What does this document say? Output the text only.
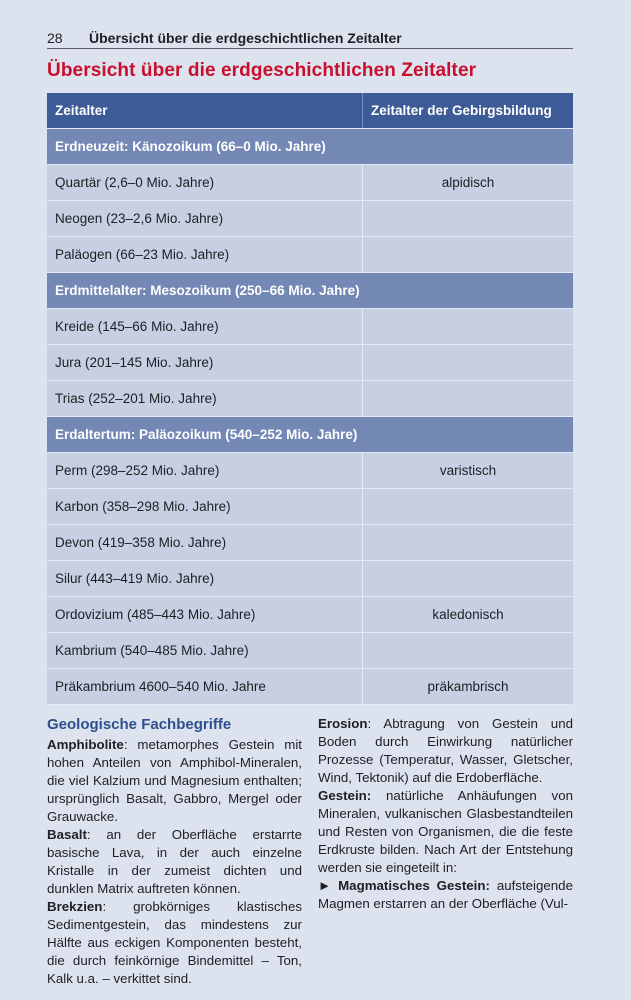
28 Übersicht über die erdgeschichtlichen Zeitalter
Übersicht über die erdgeschichtlichen Zeitalter
Zeitalter	Zeitalter der Gebirgsbildung
Erdneuzeit: Känozoikum (66–0 Mio. Jahre)
Quartär (2,6–0 Mio. Jahre)	alpidisch
Neogen (23–2,6 Mio. Jahre)
Paläogen (66–23 Mio. Jahre)
Erdmittelalter: Mesozoikum (250–66 Mio. Jahre)
Kreide (145–66 Mio. Jahre)
Jura (201–145 Mio. Jahre)
Trias (252–201 Mio. Jahre)
Erdaltertum: Paläozoikum (540–252 Mio. Jahre)
Perm (298–252 Mio. Jahre)	varistisch
Karbon (358–298 Mio. Jahre)
Devon (419–358 Mio. Jahre)
Silur (443–419 Mio. Jahre)
Ordovizium (485–443 Mio. Jahre)	kaledonisch
Kambrium (540–485 Mio. Jahre)
Präkambrium 4600–540 Mio. Jahre	präkambrisch
Geologische Fachbegriffe

Amphibolite: metamorphes Gestein mit hohen Anteilen von Amphibol-Mineralen, die viel Kalzium und Magnesium enthalten; ursprünglich Basalt, Gabbro, Mergel oder Grauwacke.

Basalt: an der Oberfläche erstarrte basische Lava, in der auch einzelne Kristalle in der zumeist dichten und dunklen Matrix auftreten können.

Brekzien: grobkörniges klastisches Sedimentgestein, das mindestens zur Hälfte aus eckigen Komponenten besteht, die durch feinkörnige Bindemittel – Ton, Kalk u.a. – verkittet sind.

Erosion: Abtragung von Gestein und Boden durch Einwirkung natürlicher Prozesse (Temperatur, Wasser, Gletscher, Wind, Tektonik) auf die Erdoberfläche.

Gestein: natürliche Anhäufungen von Mineralen, vulkanischen Glasbestandteilen und Resten von Organismen, die die feste Erdkruste bilden. Nach Art der Entstehung werden sie eingeteilt in:

► Magmatisches Gestein: aufsteigende Magmen erstarren an der Oberfläche (Vul-
